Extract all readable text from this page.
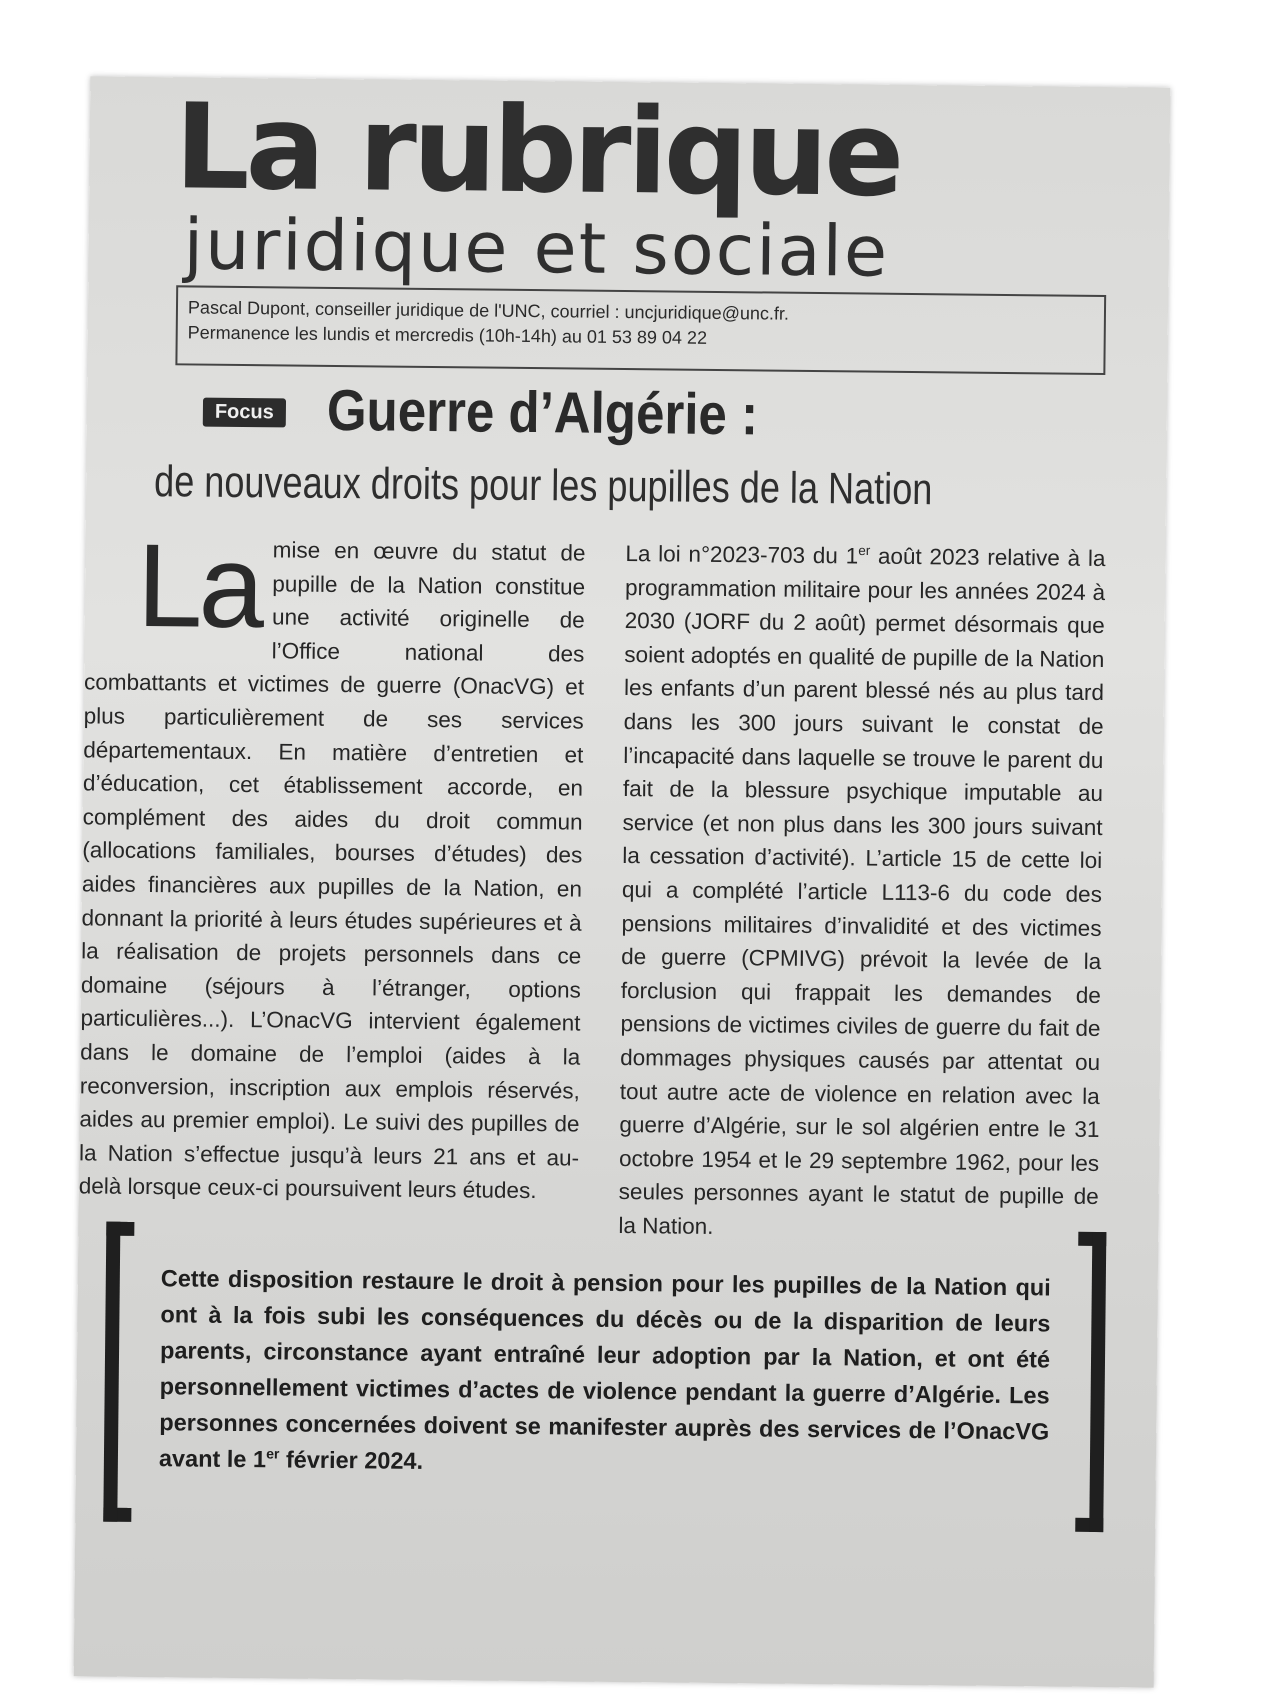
La rubrique
juridique et sociale
Pascal Dupont, conseiller juridique de l'UNC, courriel : uncjuridique@unc.fr.
Permanence les lundis et mercredis (10h-14h) au 01 53 89 04 22
Focus Guerre d’Algérie :
de nouveaux droits pour les pupilles de la Nation
La mise en œuvre du statut de pupille de la Nation constitue une activité originelle de l’Office national des combattants et victimes de guerre (OnacVG) et plus particulièrement de ses services départementaux. En matière d’entretien et d’éducation, cet établissement accorde, en complément des aides du droit commun (allocations familiales, bourses d’études) des aides financières aux pupilles de la Nation, en donnant la priorité à leurs études supérieures et à la réalisation de projets personnels dans ce domaine (séjours à l’étranger, options particulières...). L’OnacVG intervient également dans le domaine de l’emploi (aides à la reconversion, inscription aux emplois réservés, aides au premier emploi). Le suivi des pupilles de la Nation s’effectue jusqu’à leurs 21 ans et au-delà lorsque ceux-ci poursuivent leurs études.

La loi n°2023-703 du 1er août 2023 relative à la programmation militaire pour les années 2024 à 2030 (JORF du 2 août) permet désormais que soient adoptés en qualité de pupille de la Nation les enfants d’un parent blessé nés au plus tard dans les 300 jours suivant le constat de l’incapacité dans laquelle se trouve le parent du fait de la blessure psychique imputable au service (et non plus dans les 300 jours suivant la cessation d’activité). L’article 15 de cette loi qui a complété l’article L113-6 du code des pensions militaires d’invalidité et des victimes de guerre (CPMIVG) prévoit la levée de la forclusion qui frappait les demandes de pensions de victimes civiles de guerre du fait de dommages physiques causés par attentat ou tout autre acte de violence en relation avec la guerre d’Algérie, sur le sol algérien entre le 31 octobre 1954 et le 29 septembre 1962, pour les seules personnes ayant le statut de pupille de la Nation.

Cette disposition restaure le droit à pension pour les pupilles de la Nation qui ont à la fois subi les conséquences du décès ou de la disparition de leurs parents, circonstance ayant entraîné leur adoption par la Nation, et ont été personnellement victimes d’actes de violence pendant la guerre d’Algérie. Les personnes concernées doivent se manifester auprès des services de l’OnacVG avant le 1er février 2024.
